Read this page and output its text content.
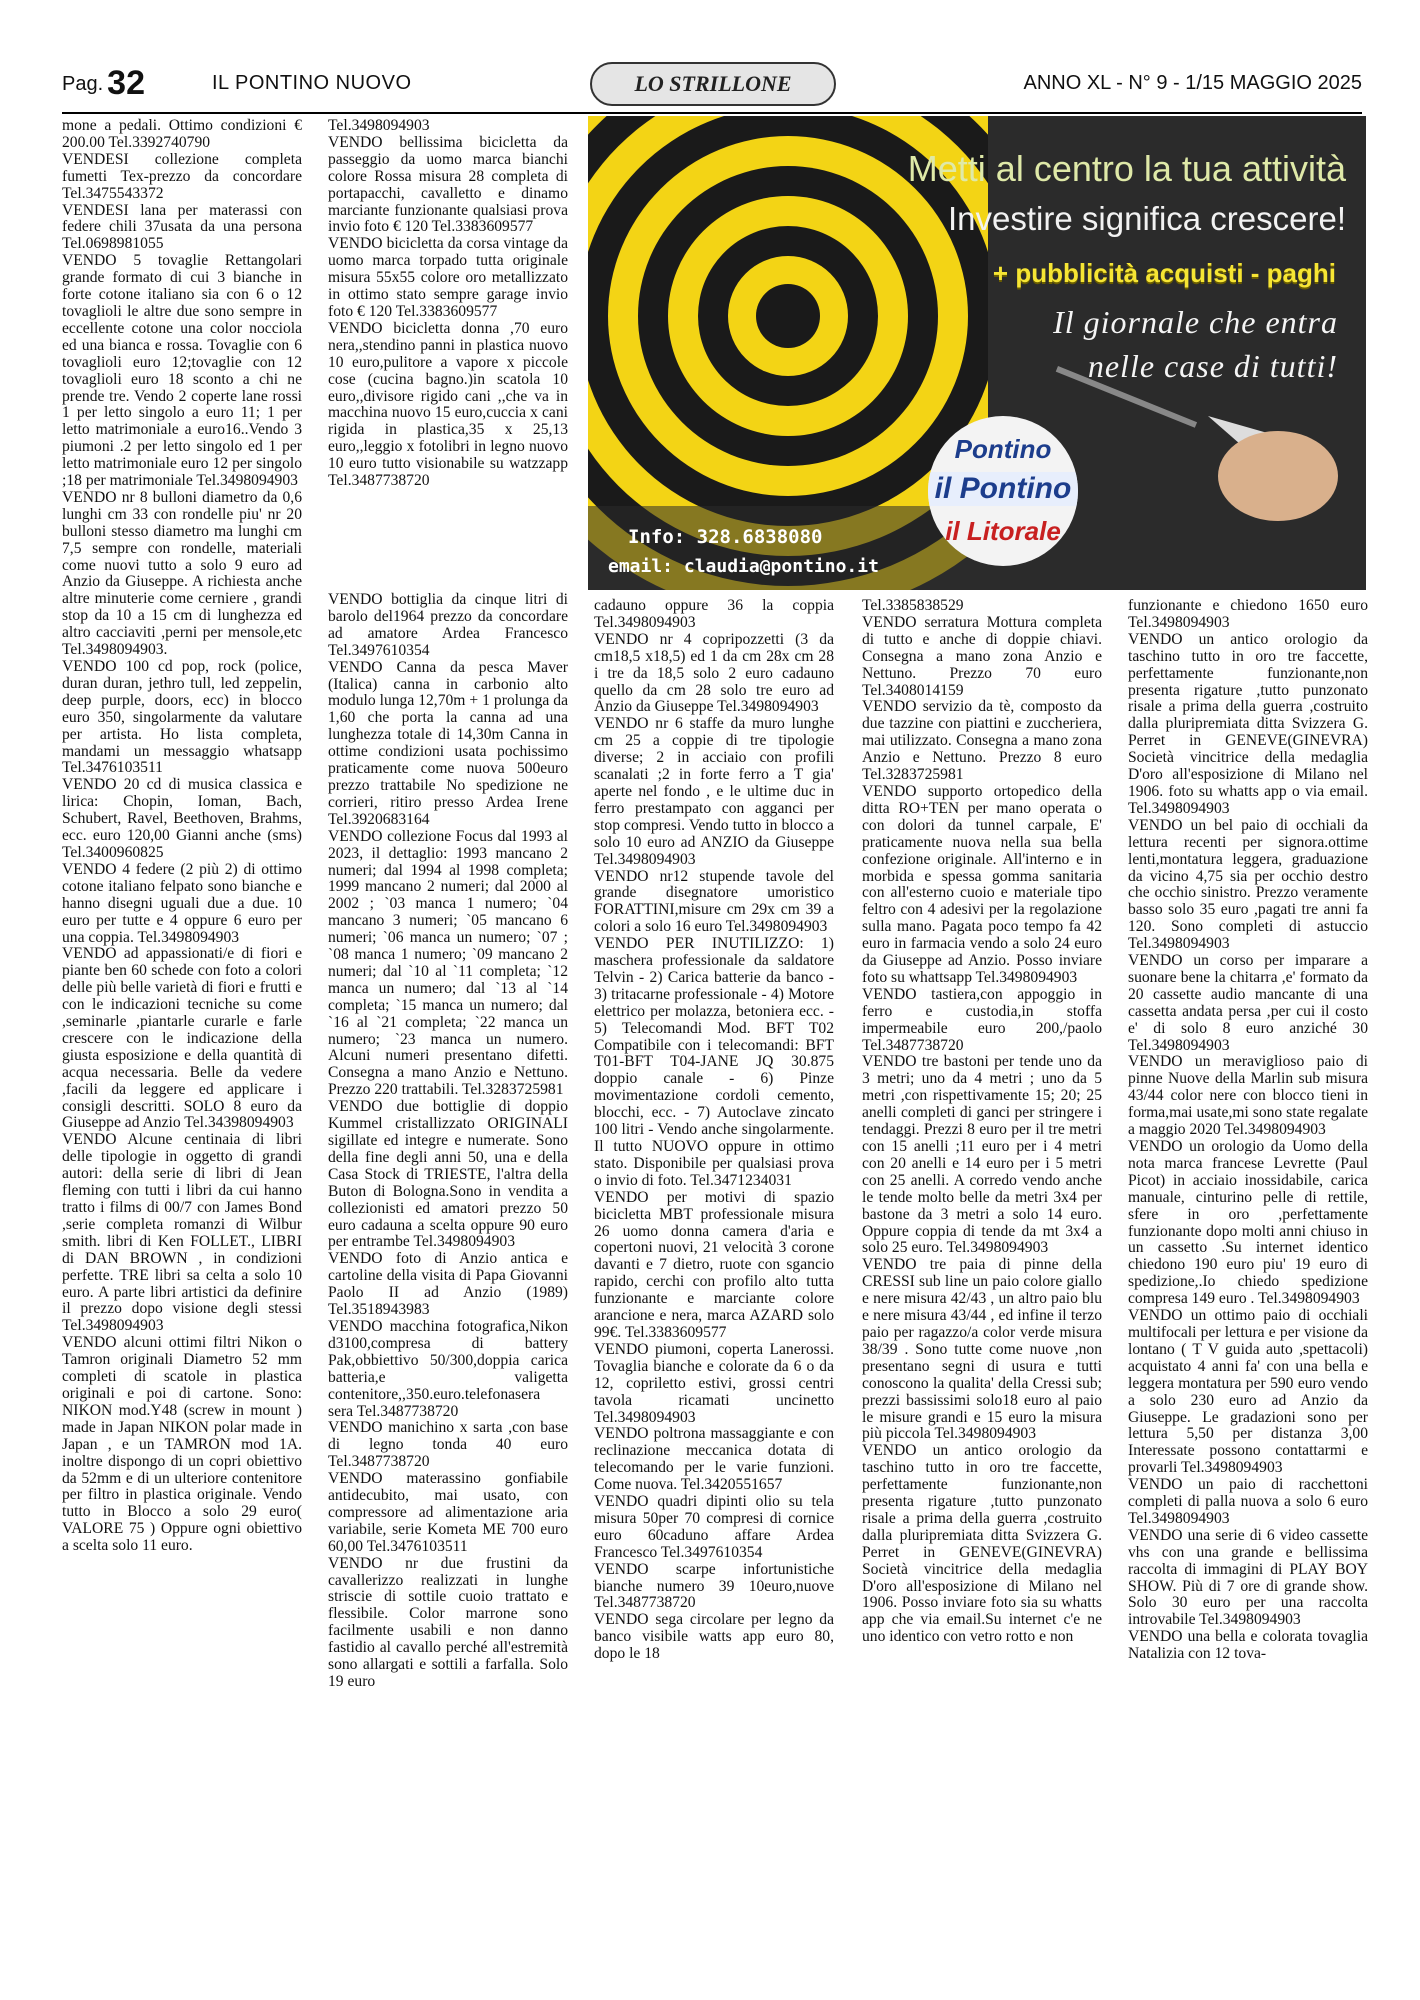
Pag. 32	IL PONTINO NUOVO	LO STRILLONE	ANNO XL - N° 9 - 1/15 MAGGIO 2025
mone a pedali. Ottimo condizioni € 200.00 Tel.3392740790
VENDESI collezione completa fumetti Tex-prezzo da concordare Tel.3475543372
VENDESI lana per materassi con federe chili 37usata da una persona Tel.0698981055
VENDO 5 tovaglie Rettangolari grande formato di cui 3 bianche in forte cotone italiano sia con 6 o 12 tovaglioli le altre due sono sempre in eccellente cotone una color nocciola ed una bianca e rossa. Tovaglie con 6 tovaglioli euro 12;tovaglie con 12 tovaglioli euro 18 sconto a chi ne prende tre. Vendo 2 coperte lane rossi 1 per letto singolo a euro 11; 1 per letto matrimoniale a euro16..Vendo 3 piumoni .2 per letto singolo ed 1 per letto matrimoniale euro 12 per singolo ;18 per matrimoniale Tel.3498094903
VENDO nr 8 bulloni diametro da 0,6 lunghi cm 33 con rondelle piu' nr 20 bulloni stesso diametro ma lunghi cm 7,5 sempre con rondelle, materiali come nuovi tutto a solo 9 euro ad Anzio da Giuseppe. A richiesta anche altre minuterie come cerniere , grandi stop da 10 a 15 cm di lunghezza ed altro cacciaviti ,perni per mensole,etc Tel.3498094903.
VENDO 100 cd pop, rock (police, duran duran, jethro tull, led zeppelin, deep purple, doors, ecc) in blocco euro 350, singolarmente da valutare per artista. Ho lista completa, mandami un messaggio whatsapp Tel.3476103511
VENDO 20 cd di musica classica e lirica: Chopin, Ioman, Bach, Schubert, Ravel, Beethoven, Brahms, ecc. euro 120,00 Gianni anche (sms) Tel.3400960825
VENDO 4 federe (2 più 2) di ottimo cotone italiano felpato sono bianche e hanno disegni uguali due a due. 10 euro per tutte e 4 oppure 6 euro per una coppia. Tel.3498094903
VENDO ad appassionati/e di fiori e piante ben 60 schede con foto a colori delle più belle varietà di fiori e frutti e con le indicazioni tecniche su come ,seminarle ,piantarle curarle e farle crescere con le indicazione della giusta esposizione e della quantità di acqua necessaria. Belle da vedere ,facili da leggere ed applicare i consigli descritti. SOLO 8 euro da Giuseppe ad Anzio Tel.34398094903
VENDO Alcune centinaia di libri delle tipologie in oggetto di grandi autori: della serie di libri di Jean fleming con tutti i libri da cui hanno tratto i films di 00/7 con James Bond ,serie completa romanzi di Wilbur smith. libri di Ken FOLLET., LIBRI di DAN BROWN , in condizioni perfette. TRE libri sa celta a solo 10 euro. A parte libri artistici da definire il prezzo dopo visione degli stessi Tel.3498094903
VENDO alcuni ottimi filtri Nikon o Tamron originali Diametro 52 mm completi di scatole in plastica originali e poi di cartone. Sono: NIKON mod.Y48 (screw in mount ) made in Japan NIKON polar made in Japan , e un TAMRON mod 1A. inoltre dispongo di un copri obiettivo da 52mm e di un ulteriore contenitore per filtro in plastica originale. Vendo tutto in Blocco a solo 29 euro( VALORE 75 ) Oppure ogni obiettivo a scelta solo 11 euro.
Tel.3498094903
VENDO bellissima bicicletta da passeggio da uomo marca bianchi colore Rossa misura 28 completa di portapacchi, cavalletto e dinamo marciante funzionante qualsiasi prova invio foto € 120 Tel.3383609577
VENDO bicicletta da corsa vintage da uomo marca torpado tutta originale misura 55x55 colore oro metallizzato in ottimo stato sempre garage invio foto € 120 Tel.3383609577
VENDO bicicletta donna ,70 euro nera,,stendino panni in plastica nuovo 10 euro,pulitore a vapore x piccole cose (cucina bagno.)in scatola 10 euro,,divisore rigido cani ,,che va in macchina nuovo 15 euro,cuccia x cani rigida in plastica,35 x 25,13 euro,,leggio x fotolibri in legno nuovo 10 euro tutto visionabile su watzzapp Tel.3487738720
VENDO bottiglia da cinque litri di barolo del1964 prezzo da concordare ad amatore Ardea Francesco Tel.3497610354
VENDO Canna da pesca Maver (Italica) canna in carbonio alto modulo lunga 12,70m + 1 prolunga da 1,60 che porta la canna ad una lunghezza totale di 14,30m Canna in ottime condizioni usata pochissimo praticamente come nuova 500euro prezzo trattabile No spedizione ne corrieri, ritiro presso Ardea Irene Tel.3920683164
VENDO collezione Focus dal 1993 al 2023, il dettaglio: 1993 mancano 2 numeri; dal 1994 al 1998 completa; 1999 mancano 2 numeri; dal 2000 al 2002 ; `03 manca 1 numero; `04 mancano 3 numeri; `05 mancano 6 numeri; `06 manca un numero; `07 ; `08 manca 1 numero; `09 mancano 2 numeri; dal `10 al `11 completa; `12 manca un numero; dal `13 al `14 completa; `15 manca un numero; dal `16 al `21 completa; `22 manca un numero; `23 manca un numero. Alcuni numeri presentano difetti. Consegna a mano Anzio e Nettuno. Prezzo 220 trattabili. Tel.3283725981
VENDO due bottiglie di doppio Kummel cristallizzato ORIGINALI sigillate ed integre e numerate. Sono della fine degli anni 50, una e della Casa Stock di TRIESTE, l'altra della Buton di Bologna.Sono in vendita a collezionisti ed amatori prezzo 50 euro cadauna a scelta oppure 90 euro per entrambe Tel.3498094903
VENDO foto di Anzio antica e cartoline della visita di Papa Giovanni Paolo II ad Anzio (1989) Tel.3518943983
VENDO macchina fotografica,Nikon d3100,compresa di battery Pak,obbiettivo 50/300,doppia carica batteria,e valigetta contenitore,,350.euro.telefonasera sera Tel.3487738720
VENDO manichino x sarta ,con base di legno tonda 40 euro Tel.3487738720
VENDO materassino gonfiabile antidecubito, mai usato, con compressore ad alimentazione aria variabile, serie Kometa ME 700 euro 60,00 Tel.3476103511
VENDO nr due frustini da cavallerizzo realizzati in lunghe striscie di sottile cuoio trattato e flessibile. Color marrone sono facilmente usabili e non danno fastidio al cavallo perché all'estremità sono allargati e sottili a farfalla. Solo 19 euro
cadauno oppure 36 la coppia Tel.3498094903
VENDO nr 4 copripozzetti (3 da cm18,5 x18,5) ed 1 da cm 28x cm 28 i tre da 18,5 solo 2 euro cadauno quello da cm 28 solo tre euro ad Anzio da Giuseppe Tel.3498094903
VENDO nr 6 staffe da muro lunghe cm 25 a coppie di tre tipologie diverse; 2 in acciaio con profili scanalati ;2 in forte ferro a T gia' aperte nel fondo , e le ultime duc in ferro prestampato con agganci per stop compresi. Vendo tutto in blocco a solo 10 euro ad ANZIO da Giuseppe Tel.3498094903
VENDO nr12 stupende tavole del grande disegnatore umoristico FORATTINI,misure cm 29x cm 39 a colori a solo 16 euro Tel.3498094903
VENDO PER INUTILIZZO: 1) maschera professionale da saldatore Telvin - 2) Carica batterie da banco - 3) tritacarne professionale - 4) Motore elettrico per molazza, betoniera ecc. - 5) Telecomandi Mod. BFT T02 Compatibile con i telecomandi: BFT T01-BFT T04-JANE JQ 30.875 doppio canale - 6) Pinze movimentazione cordoli cemento, blocchi, ecc. - 7) Autoclave zincato 100 litri - Vendo anche singolarmente. Il tutto NUOVO oppure in ottimo stato. Disponibile per qualsiasi prova o invio di foto. Tel.3471234031
VENDO per motivi di spazio bicicletta MBT professionale misura 26 uomo donna camera d'aria e copertoni nuovi, 21 velocità 3 corone davanti e 7 dietro, ruote con sgancio rapido, cerchi con profilo alto tutta funzionante e marciante colore arancione e nera, marca AZARD solo 99€. Tel.3383609577
VENDO piumoni, coperta Lanerossi. Tovaglia bianche e colorate da 6 o da 12, copriletto estivi, grossi centri tavola ricamati uncinetto Tel.3498094903
VENDO poltrona massaggiante e con reclinazione meccanica dotata di telecomando per le varie funzioni. Come nuova. Tel.3420551657
VENDO quadri dipinti olio su tela misura 50per 70 compresi di cornice euro 60caduno affare Ardea Francesco Tel.3497610354
VENDO scarpe infortunistiche bianche numero 39 10euro,nuove Tel.3487738720
VENDO sega circolare per legno da banco visibile watts app euro 80, dopo le 18
Tel.3385838529
VENDO serratura Mottura completa di tutto e anche di doppie chiavi. Consegna a mano zona Anzio e Nettuno. Prezzo 70 euro Tel.3408014159
VENDO servizio da tè, composto da due tazzine con piattini e zuccheriera, mai utilizzato. Consegna a mano zona Anzio e Nettuno. Prezzo 8 euro Tel.3283725981
VENDO supporto ortopedico della ditta RO+TEN per mano operata o con dolori da tunnel carpale, E' praticamente nuova nella sua bella confezione originale. All'interno e in morbida e spessa gomma sanitaria con all'esterno cuoio e materiale tipo feltro con 4 adesivi per la regolazione sulla mano. Pagata poco tempo fa 42 euro in farmacia vendo a solo 24 euro da Giuseppe ad Anzio. Posso inviare foto su whattsapp Tel.3498094903
VENDO tastiera,con appoggio in ferro e custodia,in stoffa impermeabile euro 200,/paolo Tel.3487738720
VENDO tre bastoni per tende uno da 3 metri; uno da 4 metri ; uno da 5 metri ,con rispettivamente 15; 20; 25 anelli completi di ganci per stringere i tendaggi. Prezzi 8 euro per il tre metri con 15 anelli ;11 euro per i 4 metri con 20 anelli e 14 euro per i 5 metri con 25 anelli. A corredo vendo anche le tende molto belle da metri 3x4 per bastone da 3 metri a solo 14 euro. Oppure coppia di tende da mt 3x4 a solo 25 euro. Tel.3498094903
VENDO tre paia di pinne della CRESSI sub line un paio colore giallo e nere misura 42/43 , un altro paio blu e nere misura 43/44 , ed infine il terzo paio per ragazzo/a color verde misura 38/39 . Sono tutte come nuove ,non presentano segni di usura e tutti conoscono la qualita' della Cressi sub; prezzi bassissimi solo18 euro al paio le misure grandi e 15 euro la misura più piccola Tel.3498094903
VENDO un antico orologio da taschino tutto in oro tre faccette, perfettamente funzionante,non presenta rigature ,tutto punzonato risale a prima della guerra ,costruito dalla pluripremiata ditta Svizzera G. Perret in GENEVE(GINEVRA) Società vincitrice della medaglia D'oro all'esposizione di Milano nel 1906. Posso inviare foto sia su whatts app che via email.Su internet c'e ne uno identico con vetro rotto e non
funzionante e chiedono 1650 euro Tel.3498094903
VENDO un antico orologio da taschino tutto in oro tre faccette, perfettamente funzionante,non presenta rigature ,tutto punzonato risale a prima della guerra ,costruito dalla pluripremiata ditta Svizzera G. Perret in GENEVE(GINEVRA) Società vincitrice della medaglia D'oro all'esposizione di Milano nel 1906. foto su whatts app o via email. Tel.3498094903
VENDO un bel paio di occhiali da lettura recenti per signora.ottime lenti,montatura leggera, graduazione da vicino 4,75 sia per occhio destro che occhio sinistro. Prezzo veramente basso solo 35 euro ,pagati tre anni fa 120. Sono completi di astuccio Tel.3498094903
VENDO un corso per imparare a suonare bene la chitarra ,e' formato da 20 cassette audio mancante di una cassetta andata persa ,per cui il costo e' di solo 8 euro anziché 30 Tel.3498094903
VENDO un meraviglioso paio di pinne Nuove della Marlin sub misura 43/44 color nere con blocco tieni in forma,mai usate,mi sono state regalate a maggio 2020 Tel.3498094903
VENDO un orologio da Uomo della nota marca francese Levrette (Paul Picot) in acciaio inossidabile, carica manuale, cinturino pelle di rettile, sfere in oro ,perfettamente funzionante dopo molti anni chiuso in un cassetto .Su internet identico chiedono 190 euro piu' 19 euro di spedizione,.Io chiedo spedizione compresa 149 euro . Tel.3498094903
VENDO un ottimo paio di occhiali multifocali per lettura e per visione da lontano ( T V guida auto ,spettacoli) acquistato 4 anni fa' con una bella e leggera montatura per 590 euro vendo a solo 230 euro ad Anzio da Giuseppe. Le gradazioni sono per lettura 5,50 per distanza 3,00 Interessate possono contattarmi e provarli Tel.3498094903
VENDO un paio di racchettoni completi di palla nuova a solo 6 euro Tel.3498094903
VENDO una serie di 6 video cassette vhs con una grande e bellissima raccolta di immagini di PLAY BOY SHOW. Più di 7 ore di grande show. Solo 30 euro per una raccolta introvabile Tel.3498094903
VENDO una bella e colorata tovaglia Natalizia con 12 tova-
Metti al centro la tua attività
Investire significa crescere!
+ pubblicità acquisti - paghi
Il giornale che entra
nelle case di tutti!
Pontino
il Pontino
il Litorale
Info: 328.6838080
email: claudia@pontino.it
